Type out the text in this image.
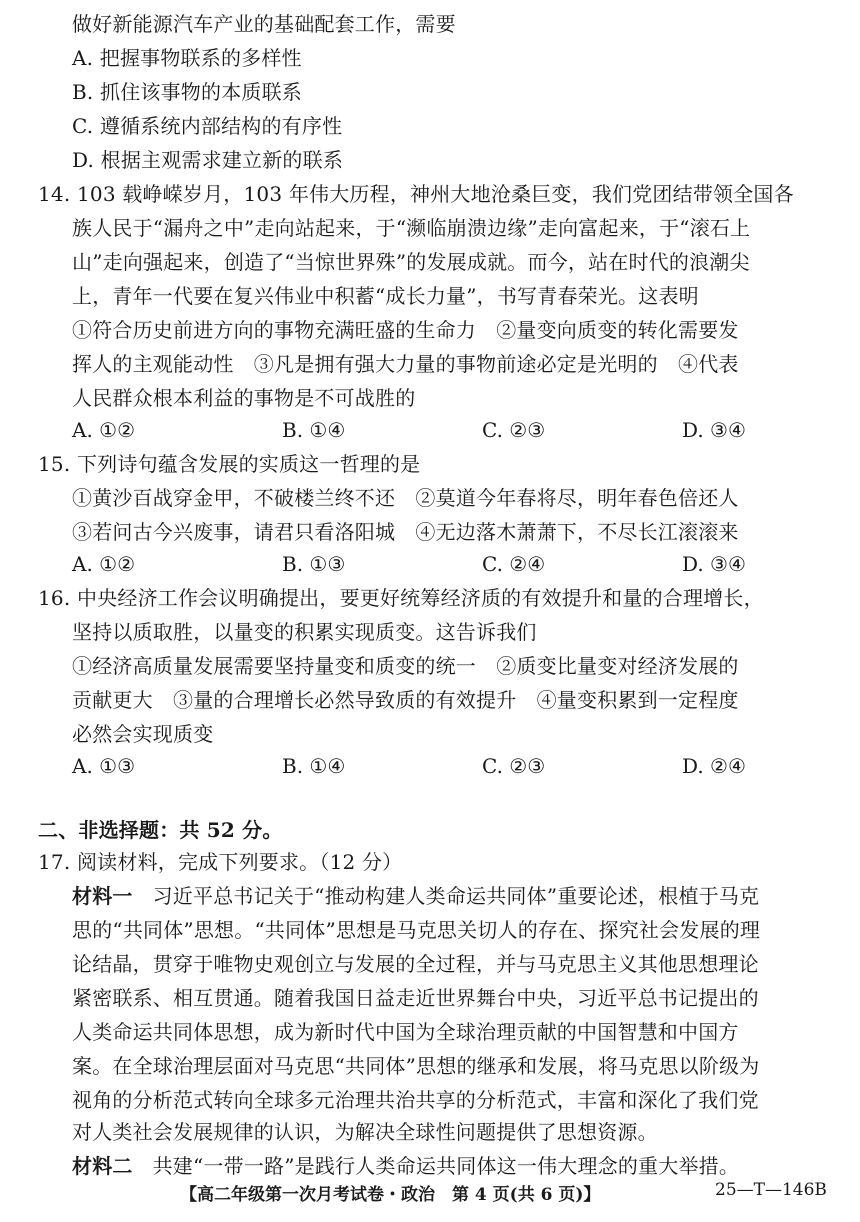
做好新能源汽车产业的基础配套工作，需要
A. 把握事物联系的多样性
B. 抓住该事物的本质联系
C. 遵循系统内部结构的有序性
D. 根据主观需求建立新的联系
14. 103 载峥嵘岁月，103 年伟大历程，神州大地沧桑巨变，我们党团结带领全国各
族人民于“漏舟之中”走向站起来，于“濒临崩溃边缘”走向富起来，于“滚石上
山”走向强起来，创造了“当惊世界殊”的发展成就。而今，站在时代的浪潮尖
上，青年一代要在复兴伟业中积蓄“成长力量”，书写青春荣光。这表明
①符合历史前进方向的事物充满旺盛的生命力　②量变向质变的转化需要发
挥人的主观能动性　③凡是拥有强大力量的事物前途必定是光明的　④代表
人民群众根本利益的事物是不可战胜的
A. ①②	B. ①④	C. ②③	D. ③④
15. 下列诗句蕴含发展的实质这一哲理的是
①黄沙百战穿金甲，不破楼兰终不还　②莫道今年春将尽，明年春色倍还人
③若问古今兴废事，请君只看洛阳城　④无边落木萧萧下，不尽长江滚滚来
A. ①②	B. ①③	C. ②④	D. ③④
16. 中央经济工作会议明确提出，要更好统筹经济质的有效提升和量的合理增长，
坚持以质取胜，以量变的积累实现质变。这告诉我们
①经济高质量发展需要坚持量变和质变的统一　②质变比量变对经济发展的
贡献更大　③量的合理增长必然导致质的有效提升　④量变积累到一定程度
必然会实现质变
A. ①③	B. ①④	C. ②③	D. ②④
二、非选择题：共 52 分。
17. 阅读材料，完成下列要求。（12 分）
材料一 习近平总书记关于“推动构建人类命运共同体”重要论述，根植于马克
思的“共同体”思想。“共同体”思想是马克思关切人的存在、探究社会发展的理
论结晶，贯穿于唯物史观创立与发展的全过程，并与马克思主义其他思想理论
紧密联系、相互贯通。随着我国日益走近世界舞台中央，习近平总书记提出的
人类命运共同体思想，成为新时代中国为全球治理贡献的中国智慧和中国方
案。在全球治理层面对马克思“共同体”思想的继承和发展，将马克思以阶级为
视角的分析范式转向全球多元治理共治共享的分析范式，丰富和深化了我们党
对人类社会发展规律的认识，为解决全球性问题提供了思想资源。
材料二 共建“一带一路”是践行人类命运共同体这一伟大理念的重大举措。
【高二年级第一次月考试卷・政治　第 4 页(共 6 页)】	25—T—146B
